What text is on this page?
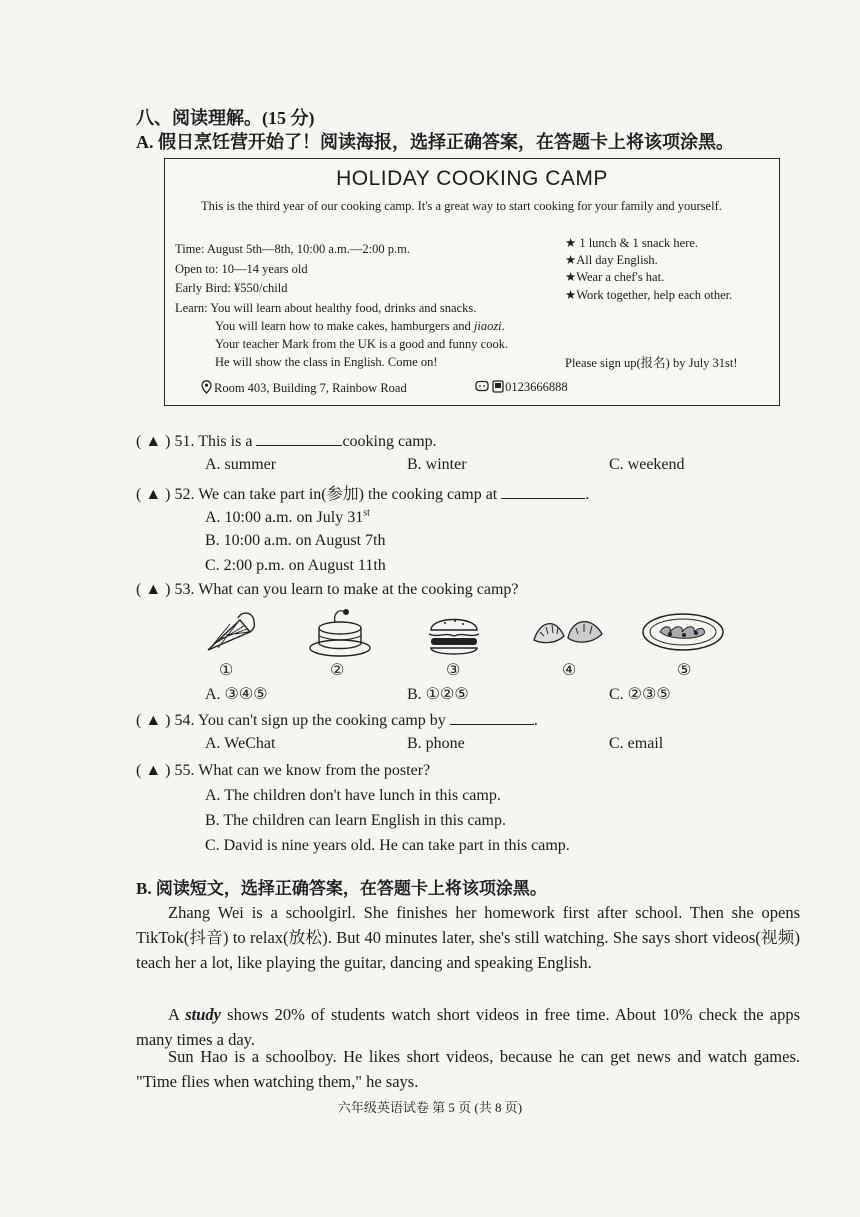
八、阅读理解。(15 分)
A. 假日烹饪营开始了！阅读海报，选择正确答案，在答题卡上将该项涂黑。
HOLIDAY COOKING CAMP
This is the third year of our cooking camp. It's a great way to start cooking for your family and yourself.
Time: August 5th—8th, 10:00 a.m.—2:00 p.m.
Open to: 10—14 years old
Early Bird: ¥550/child
Learn: You will learn about healthy food, drinks and snacks.
You will learn how to make cakes, hamburgers and jiaozi.
Your teacher Mark from the UK is a good and funny cook.
He will show the class in English. Come on!
★ 1 lunch & 1 snack here.
★All day English.
★Wear a chef's hat.
★Work together, help each other.
Please sign up(报名) by July 31st!
Room 403, Building 7, Rainbow Road	0123666888
( ▲ ) 51. This is a	cooking camp.
A. summer	B. winter	C. weekend
( ▲ ) 52. We can take part in(参加) the cooking camp at	.
A. 10:00 a.m. on July 31st
B. 10:00 a.m. on August 7th
C. 2:00 p.m. on August 11th
( ▲ ) 53. What can you learn to make at the cooking camp?
①	②	③	④	⑤
A. ③④⑤	B. ①②⑤	C. ②③⑤
( ▲ ) 54. You can't sign up the cooking camp by	.
A. WeChat	B. phone	C. email
( ▲ ) 55. What can we know from the poster?
A. The children don't have lunch in this camp.
B. The children can learn English in this camp.
C. David is nine years old. He can take part in this camp.
B. 阅读短文，选择正确答案，在答题卡上将该项涂黑。
Zhang Wei is a schoolgirl. She finishes her homework first after school. Then she opens TikTok(抖音) to relax(放松). But 40 minutes later, she's still watching. She says short videos(视频) teach her a lot, like playing the guitar, dancing and speaking English.
A study shows 20% of students watch short videos in free time. About 10% check the apps many times a day.
Sun Hao is a schoolboy. He likes short videos, because he can get news and watch games. "Time flies when watching them," he says.
六年级英语试卷 第 5 页 (共 8 页)
